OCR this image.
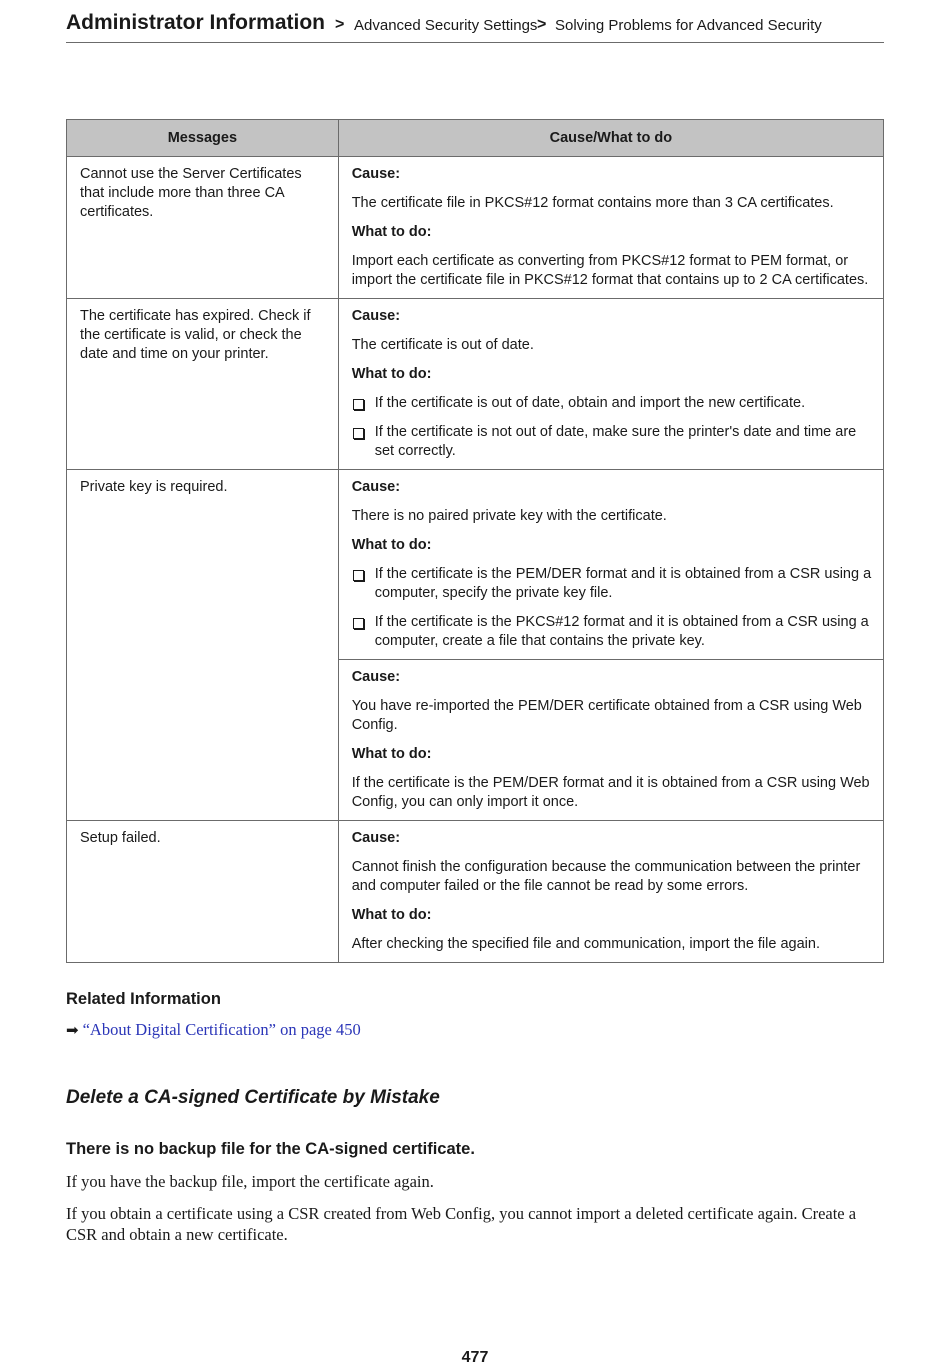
Administrator Information > Advanced Security Settings > Solving Problems for Advanced Security
Messages	Cause/What to do
Cannot use the Server Certificates that include more than three CA certificates.	Cause:

The certificate file in PKCS#12 format contains more than 3 CA certificates.

What to do:

Import each certificate as converting from PKCS#12 format to PEM format, or import the certificate file in PKCS#12 format that contains up to 2 CA certificates.

The certificate has expired. Check if the certificate is valid, or check the date and time on your printer.	Cause:

The certificate is out of date.

What to do:

If the certificate is out of date, obtain and import the new certificate.
If the certificate is not out of date, make sure the printer's date and time are set correctly.

Private key is required.	Cause:

There is no paired private key with the certificate.

What to do:

If the certificate is the PEM/DER format and it is obtained from a CSR using a computer, specify the private key file.
If the certificate is the PKCS#12 format and it is obtained from a CSR using a computer, create a file that contains the private key.

	Cause:

You have re-imported the PEM/DER certificate obtained from a CSR using Web Config.

What to do:

If the certificate is the PEM/DER format and it is obtained from a CSR using Web Config, you can only import it once.

Setup failed.	Cause:

Cannot finish the configuration because the communication between the printer and computer failed or the file cannot be read by some errors.

What to do:

After checking the specified file and communication, import the file again.

Related Information
➡ “About Digital Certification” on page 450
Delete a CA-signed Certificate by Mistake
There is no backup file for the CA-signed certificate.

If you have the backup file, import the certificate again.

If you obtain a certificate using a CSR created from Web Config, you cannot import a deleted certificate again. Create a CSR and obtain a new certificate.

477
